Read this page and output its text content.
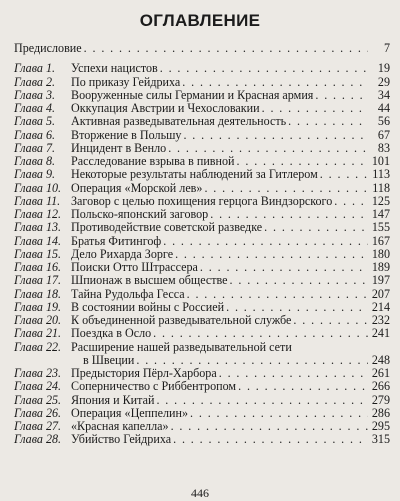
ОГЛАВЛЕНИЕ
Предисловие . . .	7
Глава 1.	Успехи нацистов . . .	19
Глава 2.	По приказу Гейдриха . . .	29
Глава 3.	Вооруженные силы Германии и Красная армия . . .	34
Глава 4.	Оккупация Австрии и Чехословакии . . .	44
Глава 5.	Активная разведывательная деятельность . . .	56
Глава 6.	Вторжение в Польшу . . .	67
Глава 7.	Инцидент в Венло . . .	83
Глава 8.	Расследование взрыва в пивной . . .	101
Глава 9.	Некоторые результаты наблюдений за Гитлером . . .	113
Глава 10. Операция «Морской лев» . . .	118
Глава 11. Заговор с целью похищения герцога Виндзорского . . .	125
Глава 12. Польско-японский заговор . . .	147
Глава 13. Противодействие советской разведке . . .	155
Глава 14. Братья Фитингоф . . .	167
Глава 15. Дело Рихарда Зорге . . .	180
Глава 16. Поиски Отто Штрассера . . .	189
Глава 17. Шпионаж в высшем обществе . . .	197
Глава 18. Тайна Рудольфа Гесса . . .	207
Глава 19. В состоянии войны с Россией . . .	214
Глава 20. К объединенной разведывательной службе . . .	232
Глава 21. Поездка в Осло . . .	241
Глава 22. Расширение нашей разведывательной сети
в Швеции . . .	248
Глава 23. Предыстория Пёрл-Харбора . . .	261
Глава 24. Соперничество с Риббентропом . . .	266
Глава 25. Япония и Китай . . .	279
Глава 26. Операция «Цеппелин» . . .	286
Глава 27. «Красная капелла» . . .	295
Глава 28. Убийство Гейдриха . . .	315
446
